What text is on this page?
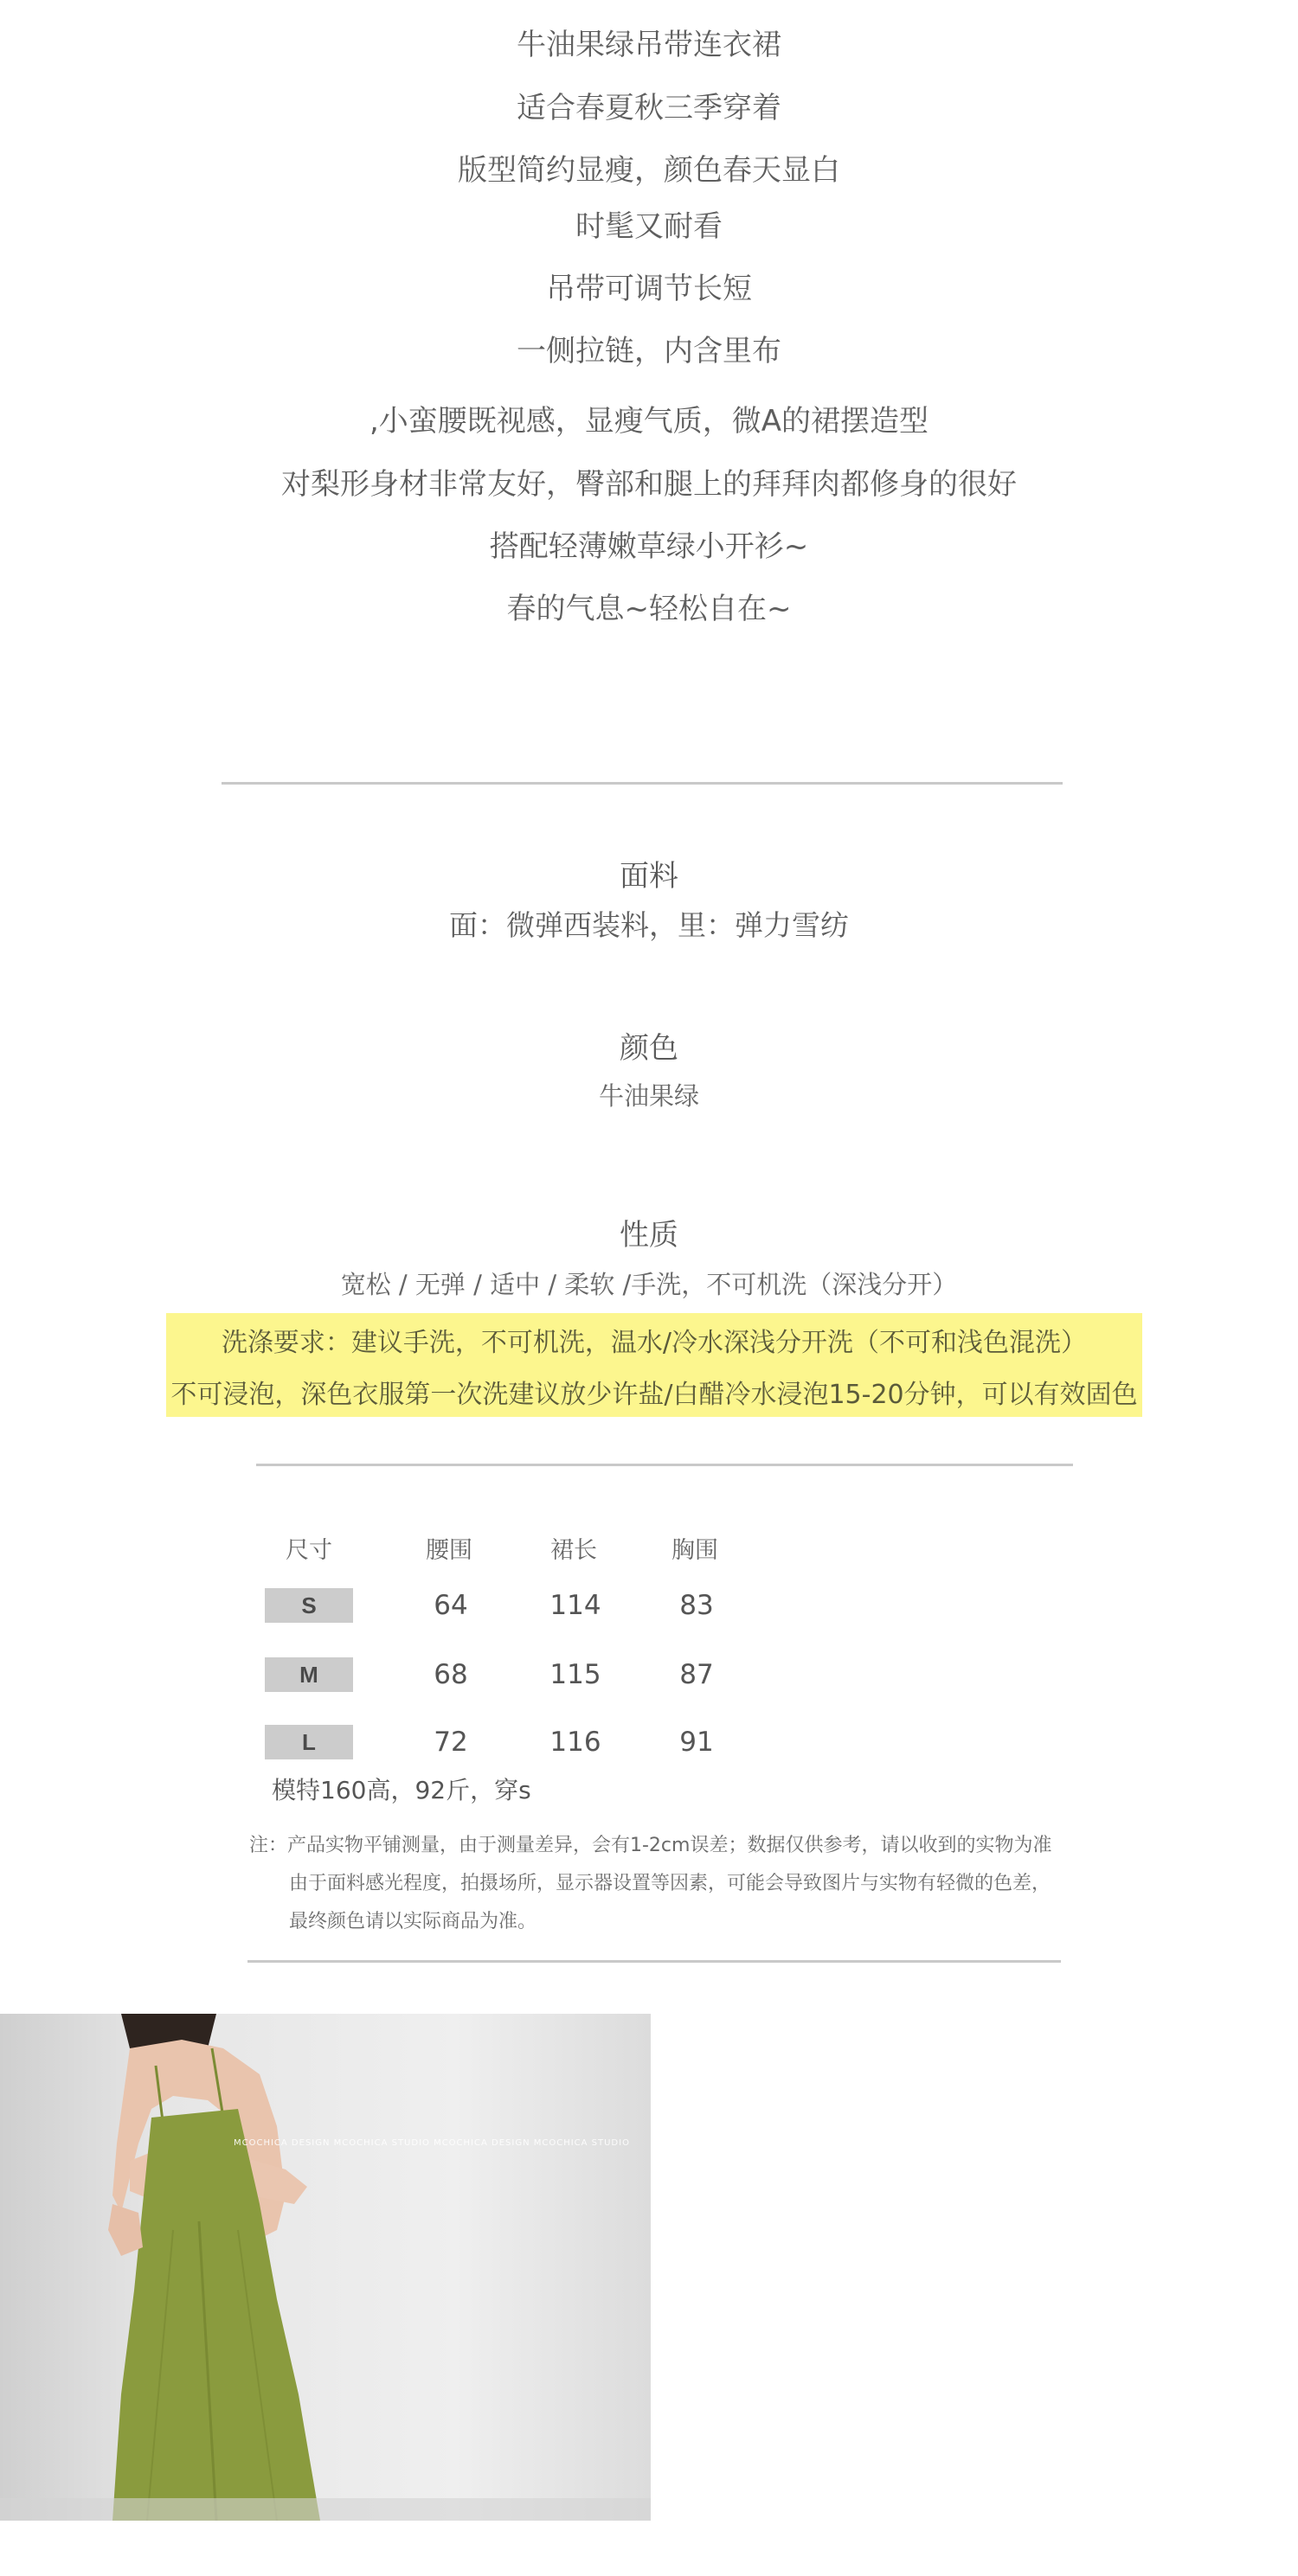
牛油果绿吊带连衣裙
适合春夏秋三季穿着
版型简约显瘦，颜色春天显白
时髦又耐看
吊带可调节长短
一侧拉链，内含里布
,小蛮腰既视感，显瘦气质，微A的裙摆造型
对梨形身材非常友好，臀部和腿上的拜拜肉都修身的很好
搭配轻薄嫩草绿小开衫~
春的气息~轻松自在~
面料
面：微弹西装料，里：弹力雪纺
颜色
牛油果绿
性质
宽松 / 无弹 / 适中 / 柔软 /手洗，不可机洗（深浅分开）
洗涤要求：建议手洗，不可机洗，温水/冷水深浅分开洗（不可和浅色混洗）
不可浸泡，深色衣服第一次洗建议放少许盐/白醋冷水浸泡15-20分钟，可以有效固色
尺寸	腰围	裙长	胸围
S	64	114	83
M	68	115	87
L	72	116	91
模特160高，92斤，穿s
注：产品实物平铺测量，由于测量差异，会有1-2cm误差；数据仅供参考，请以收到的实物为准
由于面料感光程度，拍摄场所，显示器设置等因素，可能会导致图片与实物有轻微的色差，
最终颜色请以实际商品为准。
MCOCHICA DESIGN MCOCHICA STUDIO MCOCHICA DESIGN MCOCHICA STUDIO
